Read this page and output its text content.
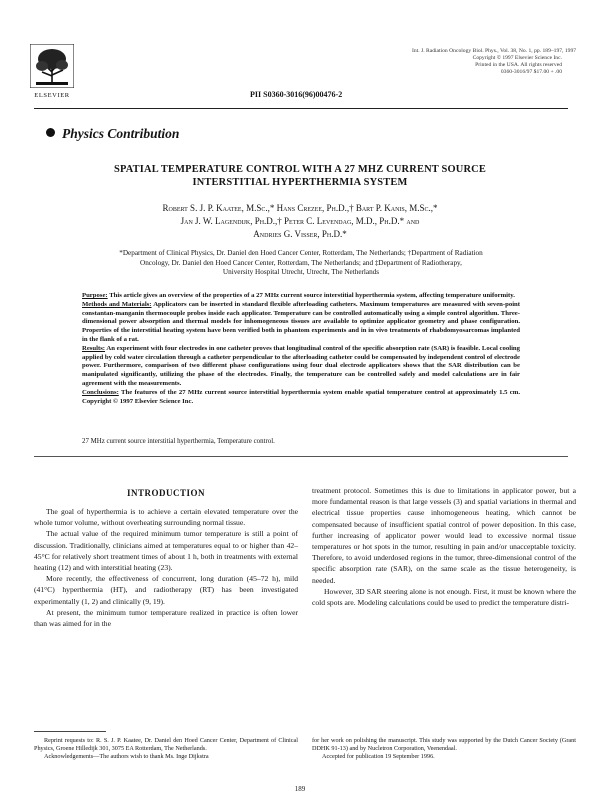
ELSEVIER
Int. J. Radiation Oncology Biol. Phys., Vol. 38, No. 1, pp. 189–197, 1997
Copyright © 1997 Elsevier Science Inc.
Printed in the USA. All rights reserved
0360-3016/97 $17.00 + .00
PII S0360-3016(96)00476-2
Physics Contribution
SPATIAL TEMPERATURE CONTROL WITH A 27 MHZ CURRENT SOURCE
INTERSTITIAL HYPERTHERMIA SYSTEM
Robert S. J. P. Kaatee, M.Sc.,* Hans Crezee, Ph.D.,† Bart P. Kanis, M.Sc.,*
Jan J. W. Lagendijk, Ph.D.,† Peter C. Levendag, M.D., Ph.D.* and
Andries G. Visser, Ph.D.*
*Department of Clinical Physics, Dr. Daniel den Hoed Cancer Center, Rotterdam, The Netherlands; †Department of Radiation
Oncology, Dr. Daniel den Hoed Cancer Center, Rotterdam, The Netherlands; and ‡Department of Radiotherapy,
University Hospital Utrecht, Utrecht, The Netherlands

Purpose: This article gives an overview of the properties of a 27 MHz current source interstitial hyperthermia system, affecting temperature uniformity.

Methods and Materials: Applicators can be inserted in standard flexible afterloading catheters. Maximum temperatures are measured with seven-point constantan-manganin thermocouple probes inside each applicator. Temperature can be controlled automatically using a simple control algorithm. Three-dimensional power absorption and thermal models for inhomogeneous tissues are available to optimize applicator geometry and phase configuration. Properties of the interstitial heating system have been verified both in phantom experiments and in in vivo treatments of rhabdomyosarcomas implanted in the flank of a rat.

Results: An experiment with four electrodes in one catheter proves that longitudinal control of the specific absorption rate (SAR) is feasible. Local cooling applied by cold water circulation through a catheter perpendicular to the afterloading catheter could be compensated by independent control of electrode power. Furthermore, comparison of two different phase configurations using four dual electrode applicators shows that the SAR distribution can be manipulated significantly, utilizing the phase of the electrodes. Finally, the temperature can be controlled safely and model calculations are in fair agreement with the measurements.

Conclusions: The features of the 27 MHz current source interstitial hyperthermia system enable spatial temperature control at approximately 1.5 cm. Copyright © 1997 Elsevier Science Inc.

27 MHz current source interstitial hyperthermia, Temperature control.
INTRODUCTION

The goal of hyperthermia is to achieve a certain elevated temperature over the whole tumor volume, without overheating surrounding normal tissue.

The actual value of the required minimum tumor temperature is still a point of discussion. Traditionally, clinicians aimed at temperatures equal to or higher than 42–45°C for relatively short treatment times of about 1 h, both in treatments with external heating (12) and with interstitial heating (23).

More recently, the effectiveness of concurrent, long duration (45–72 h), mild (41°C) hyperthermia (HT), and radiotherapy (RT) has been investigated experimentally (1, 2) and clinically (9, 19).

At present, the minimum tumor temperature realized in practice is often lower than was aimed for in the

treatment protocol. Sometimes this is due to limitations in applicator power, but a more fundamental reason is that large vessels (3) and spatial variations in thermal and electrical tissue properties cause inhomogeneous heating, which cannot be compensated because of insufficient spatial control of power deposition. In this case, further increasing of applicator power would lead to excessive normal tissue temperatures or hot spots in the tumor, resulting in pain and/or unacceptable toxicity. Therefore, to avoid underdosed regions in the tumor, three-dimensional control of the specific absorption rate (SAR), on the same scale as the tissue heterogeneity, is needed.

However, 3D SAR steering alone is not enough. First, it must be known where the cold spots are. Modeling calculations could be used to predict the temperature distri-

Reprint requests to: R. S. J. P. Kaatee, Dr. Daniel den Hoed Cancer Center, Department of Clinical Physics, Groene Hilledijk 301, 3075 EA Rotterdam, The Netherlands.

Acknowledgements—The authors wish to thank Ms. Inge Dijkstra

for her work on polishing the manuscript. This study was supported by the Dutch Cancer Society (Grant DDHK 91-13) and by Nucletron Corporation, Veenendaal.

Accepted for publication 19 September 1996.

189
